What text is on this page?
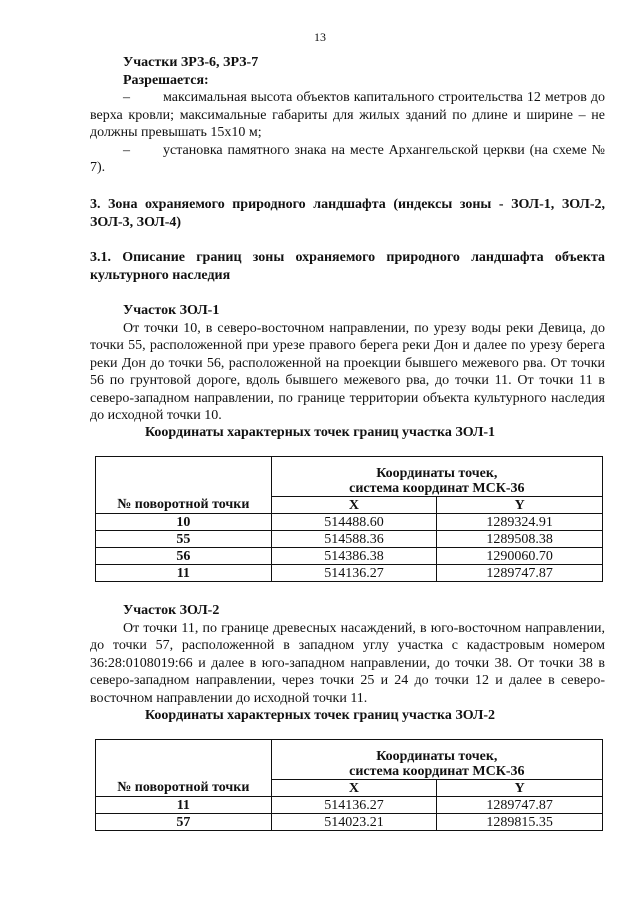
13
Участки ЗРЗ-6, ЗРЗ-7
Разрешается:
– максимальная высота объектов капитального строительства 12 метров до верха кровли; максимальные габариты для жилых зданий по длине и ширине – не должны превышать 15х10 м;
– установка памятного знака на месте Архангельской церкви (на схеме № 7).
3. Зона охраняемого природного ландшафта (индексы зоны - ЗОЛ-1, ЗОЛ-2, ЗОЛ-3, ЗОЛ-4)
3.1. Описание границ зоны охраняемого природного ландшафта объекта культурного наследия
Участок ЗОЛ-1
От точки 10, в северо-восточном направлении, по урезу воды реки Девица, до точки 55, расположенной при урезе правого берега реки Дон и далее по урезу берега реки Дон до точки 56, расположенной на проекции бывшего межевого рва. От точки 56 по грунтовой дороге, вдоль бывшего межевого рва, до точки 11. От точки 11 в северо-западном направлении, по границе территории объекта культурного наследия до исходной точки 10.
Координаты характерных точек границ участка ЗОЛ-1
№ поворотной точки	Координаты точек,
система координат МСК-36	

	X	Y
10	514488.60	1289324.91
55	514588.36	1289508.38
56	514386.38	1290060.70
11	514136.27	1289747.87
Участок ЗОЛ-2
От точки 11, по границе древесных насаждений, в юго-восточном направлении, до точки 57, расположенной в западном углу участка с кадастровым номером 36:28:0108019:66 и далее в юго-западном направлении, до точки 38. От точки 38 в северо-западном направлении, через точки 25 и 24 до точки 12 и далее в северо-восточном направлении до исходной точки 11.
Координаты характерных точек границ участка ЗОЛ-2
№ поворотной точки	Координаты точек,
система координат МСК-36	

	X	Y
11	514136.27	1289747.87
57	514023.21	1289815.35
